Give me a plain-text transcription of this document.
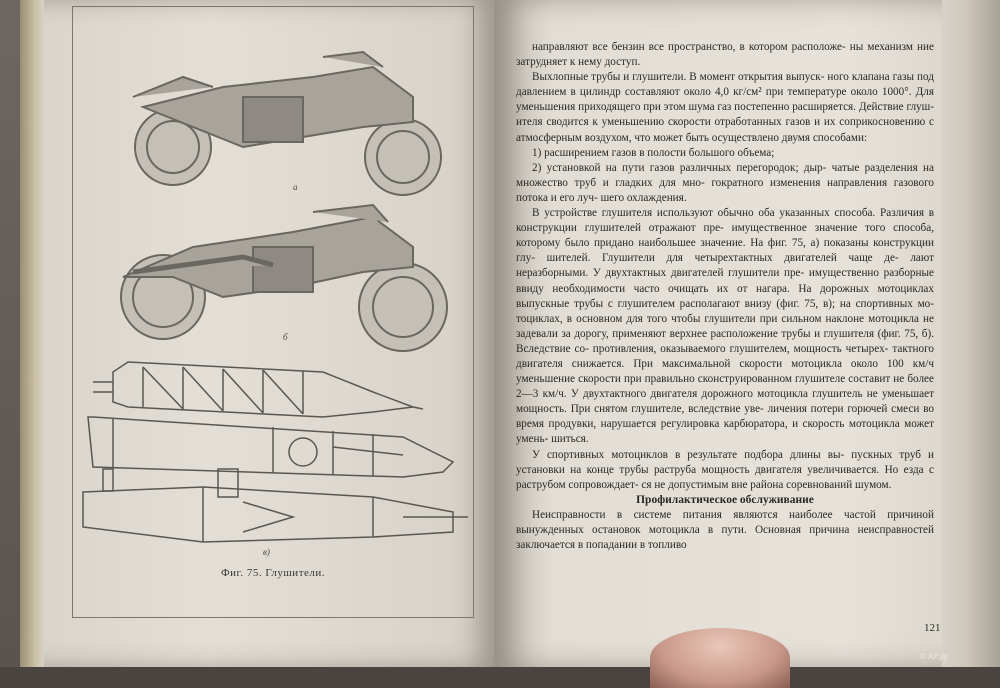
а
б
в)
Фиг. 75. Глушители.

направляют все бензин все пространство, в котором расположе- ны механизм ние затрудняет к нему доступ.

Выхлопные трубы и глушители. В момент открытия выпуск- ного клапана газы под давлением в цилиндр составляют около 4,0 кг/см² при температуре около 1000°. Для уменьшения приходящего при этом шума газ постепенно расширяется. Действие глуш- ителя сводится к уменьшению скорости отработанных газов и их соприкосновению с атмосферным воздухом, что может быть осуществлено двумя способами:

1) расширением газов в полости большого объема;

2) установкой на пути газов различных перегородок; дыр- чатые разделения на множество труб и гладких для мно- гократного изменения направления газового потока и его луч- шего охлаждения.

В устройстве глушителя используют обычно оба указанных способа. Различия в конструкции глушителей отражают пре- имущественное значение того способа, которому было придано наибольшее значение. На фиг. 75, а) показаны конструкции глу- шителей. Глушители для четырехтактных двигателей чаще де- лают неразборными. У двухтактных двигателей глушители пре- имущественно разборные ввиду необходимости часто очищать их от нагара. На дорожных мотоциклах выпускные трубы с глушителем располагают внизу (фиг. 75, в); на спортивных мо- тоциклах, в основном для того чтобы глушители при сильном наклоне мотоцикла не задевали за дорогу, применяют верхнее расположение трубы и глушителя (фиг. 75, б). Вследствие со- противления, оказываемого глушителем, мощность четырех- тактного двигателя снижается. При максимальной скорости мотоцикла около 100 км/ч уменьшение скорости при правильно сконструированном глушителе составит не более 2—3 км/ч. У двухтактного двигателя дорожного мотоцикла глушитель не уменьшает мощность. При снятом глушителе, вследствие уве- личения потери горючей смеси во время продувки, нарушается регулировка карбюратора, и скорость мотоцикла может умень- шиться.

У спортивных мотоциклов в результате подбора длины вы- пускных труб и установки на конце трубы раструба мощность двигателя увеличивается. Но езда с раструбом сопровождает- ся не допустимым вне района соревнований шумом.

Профилактическое обслуживание

Неисправности в системе питания являются наиболее частой причиной вынужденных остановок мотоцикла в пути. Основная причина неисправностей заключается в попадании в топливо

121
© АУ.ру
